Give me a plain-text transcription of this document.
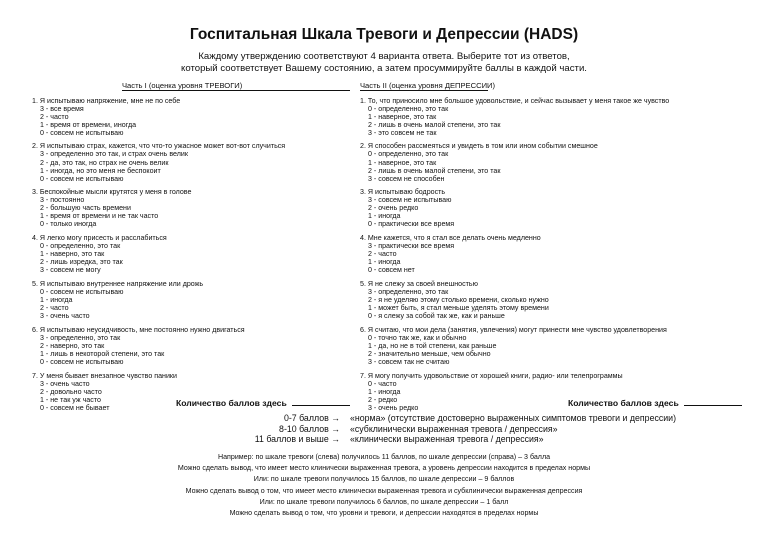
Госпитальная Шкала Тревоги и Депрессии (HADS)
Каждому утверждению соответствуют 4 варианта ответа. Выберите тот из ответов,
который соответствует Вашему состоянию, а затем просуммируйте баллы в каждой части.
Часть I (оценка уровня ТРЕВОГИ)
1. Я испытываю напряжение, мне не по себе
3 - все время
2 - часто
1 - время от времени, иногда
0 - совсем не испытываю
2. Я испытываю страх, кажется, что что-то ужасное может вот-вот случиться
3 - определенно это так, и страх очень велик
2 - да, это так, но страх не очень велик
1 - иногда, но это меня не беспокоит
0 - совсем не испытываю
3. Беспокойные мысли крутятся у меня в голове
3 - постоянно
2 - большую часть времени
1 - время от времени и не так часто
0 - только иногда
4. Я легко могу присесть и расслабиться
0 - определенно, это так
1 - наверно, это так
2 - лишь изредка, это так
3 - совсем не могу
5. Я испытываю внутреннее напряжение или дрожь
0 - совсем не испытываю
1 - иногда
2 - часто
3 - очень часто
6. Я испытываю неусидчивость, мне постоянно нужно двигаться
3 - определенно, это так
2 - наверно, это так
1 - лишь в некоторой степени, это так
0 - совсем не испытываю
7. У меня бывает внезапное чувство паники
3 - очень часто
2 - довольно часто
1 - не так уж часто
0 - совсем не бывает
Часть II (оценка уровня ДЕПРЕССИИ)
1. То, что приносило мне большое удовольствие, и сейчас вызывает у меня такое же чувство
0 - определенно, это так
1 - наверное, это так
2 - лишь в очень малой степени, это так
3 - это совсем не так
2. Я способен рассмеяться и увидеть в том или ином событии смешное
0 - определенно, это так
1 - наверное, это так
2 - лишь в очень малой степени, это так
3 - совсем не способен
3. Я испытываю бодрость
3 - совсем не испытываю
2 - очень редко
1 - иногда
0 - практически все время
4. Мне кажется, что я стал все делать очень медленно
3 - практически все время
2 - часто
1 - иногда
0 - совсем нет
5. Я не слежу за своей внешностью
3 - определенно, это так
2 - я не уделяю этому столько времени, сколько нужно
1 - может быть, я стал меньше уделять этому времени
0 - я слежу за собой так же, как и раньше
6. Я считаю, что мои дела (занятия, увлечения) могут принести мне чувство удовлетворения
0 - точно так же, как и обычно
1 - да, но не в той степени, как раньше
2 - значительно меньше, чем обычно
3 - совсем так не считаю
7. Я могу получить удовольствие от хорошей книги, радио- или телепрограммы
0 - часто
1 - иногда
2 - редко
3 - очень редко
Количество баллов здесь	Количество баллов здесь
0-7 баллов → «норма» (отсутствие достоверно выраженных симптомов тревоги и депрессии)
8-10 баллов → «субклинически выраженная тревога / депрессия»
11 баллов и выше → «клинически выраженная тревога / депрессия»
Например: по шкале тревоги (слева) получилось 11 баллов, по шкале депрессии (справа) – 3 балла
Можно сделать вывод, что имеет место клинически выраженная тревога, а уровень депрессии находится в пределах нормы
Или: по шкале тревоги получилось 15 баллов, по шкале депрессии – 9 баллов
Можно сделать вывод о том, что имеет место клинически выраженная тревога и субклинически выраженная депрессия
Или: по шкале тревоги получилось 6 баллов, по шкале депрессии – 1 балл
Можно сделать вывод о том, что уровни и тревоги, и депрессии находятся в пределах нормы
